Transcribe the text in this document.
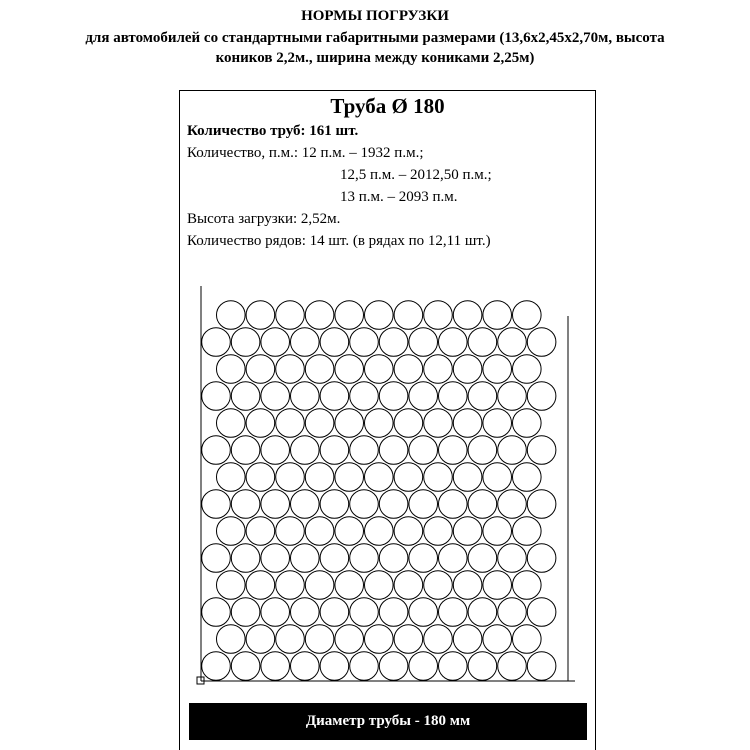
НОРМЫ ПОГРУЗКИ
для автомобилей со стандартными габаритными размерами (13,6х2,45х2,70м, высота
коников 2,2м., ширина между кониками 2,25м)
Труба Ø 180
Количество труб: 161 шт.
Количество, п.м.: 12 п.м. – 1932 п.м.;
12,5 п.м. – 2012,50 п.м.;
13 п.м. – 2093 п.м.
Высота загрузки: 2,52м.
Количество рядов: 14 шт. (в рядах по 12,11 шт.)
Диаметр трубы - 180 мм
